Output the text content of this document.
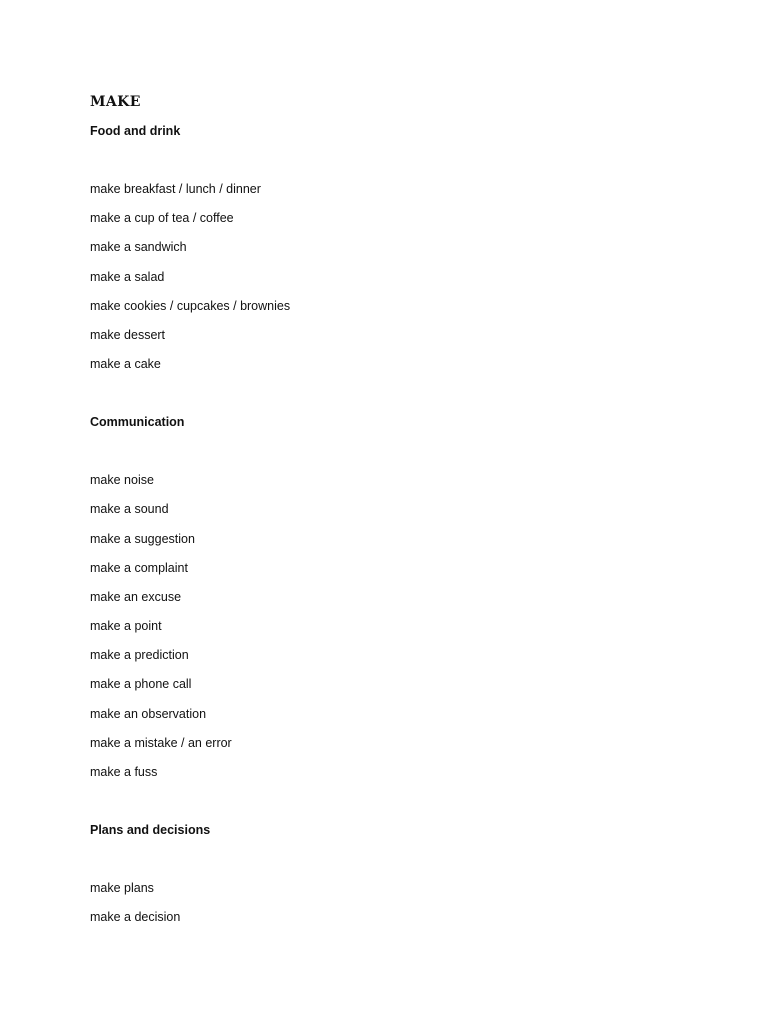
MAKE
Food and drink
make breakfast / lunch / dinner
make a cup of tea / coffee
make a sandwich
make a salad
make cookies / cupcakes / brownies
make dessert
make a cake
Communication
make noise
make a sound
make a suggestion
make a complaint
make an excuse
make a point
make a prediction
make a phone call
make an observation
make a mistake / an error
make a fuss
Plans and decisions
make plans
make a decision
